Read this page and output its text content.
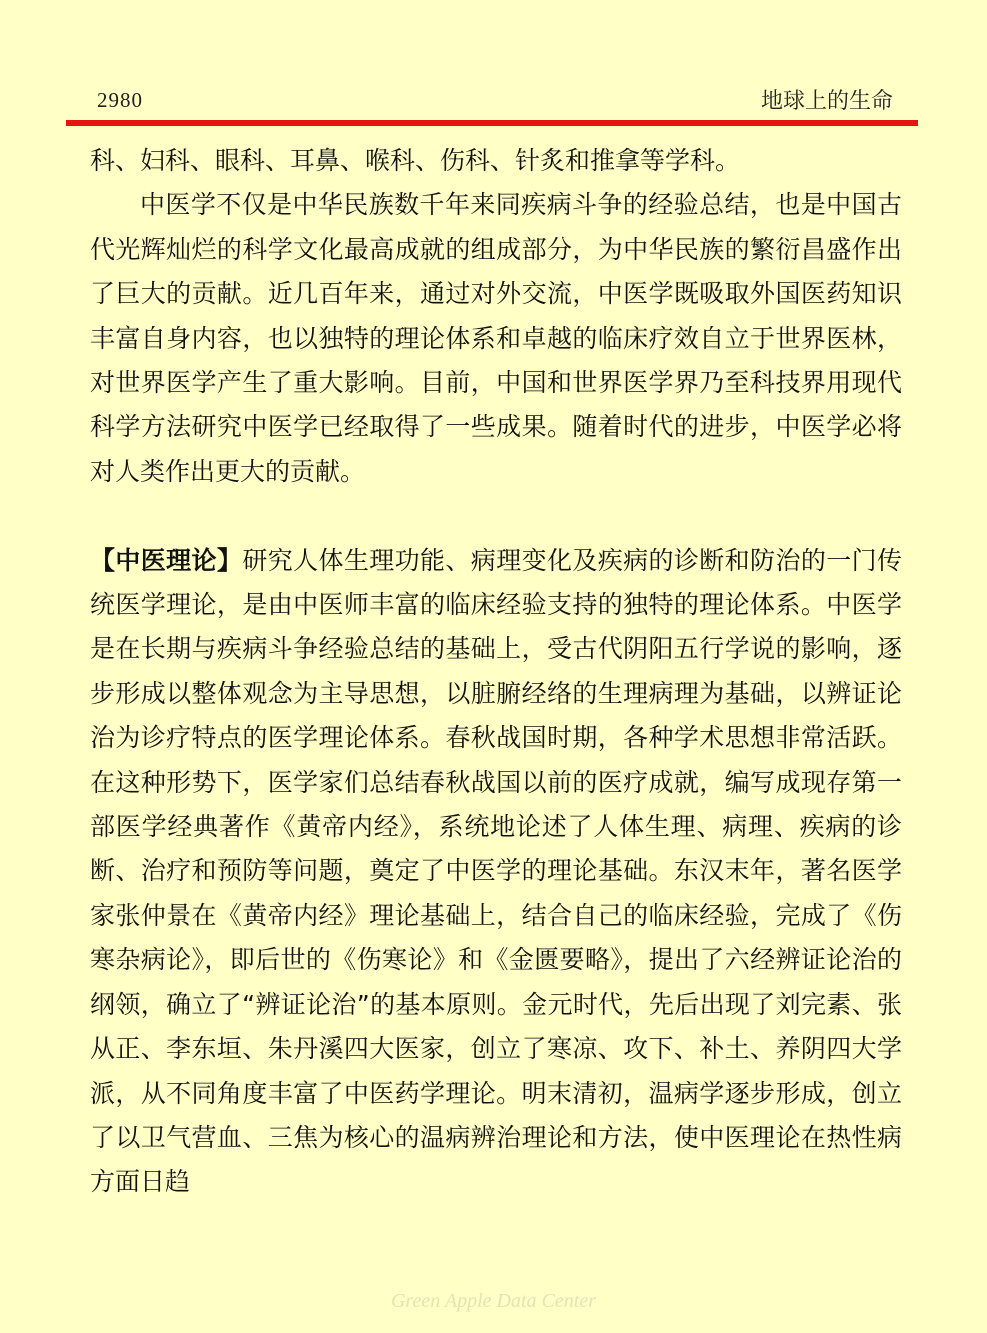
2980	地球上的生命

科、妇科、眼科、耳鼻、喉科、伤科、针炙和推拿等学科。

中医学不仅是中华民族数千年来同疾病斗争的经验总结，也是中国古代光辉灿烂的科学文化最高成就的组成部分，为中华民族的繁衍昌盛作出了巨大的贡献。近几百年来，通过对外交流，中医学既吸取外国医药知识丰富自身内容，也以独特的理论体系和卓越的临床疗效自立于世界医林，对世界医学产生了重大影响。目前，中国和世界医学界乃至科技界用现代科学方法研究中医学已经取得了一些成果。随着时代的进步，中医学必将对人类作出更大的贡献。

【中医理论】研究人体生理功能、病理变化及疾病的诊断和防治的一门传统医学理论，是由中医师丰富的临床经验支持的独特的理论体系。中医学是在长期与疾病斗争经验总结的基础上，受古代阴阳五行学说的影响，逐步形成以整体观念为主导思想，以脏腑经络的生理病理为基础，以辨证论治为诊疗特点的医学理论体系。春秋战国时期，各种学术思想非常活跃。在这种形势下，医学家们总结春秋战国以前的医疗成就，编写成现存第一部医学经典著作《黄帝内经》，系统地论述了人体生理、病理、疾病的诊断、治疗和预防等问题，奠定了中医学的理论基础。东汉末年，著名医学家张仲景在《黄帝内经》理论基础上，结合自己的临床经验，完成了《伤寒杂病论》，即后世的《伤寒论》和《金匮要略》，提出了六经辨证论治的纲领，确立了“辨证论治”的基本原则。金元时代，先后出现了刘完素、张从正、李东垣、朱丹溪四大医家，创立了寒凉、攻下、补土、养阴四大学派，从不同角度丰富了中医药学理论。明末清初，温病学逐步形成，创立了以卫气营血、三焦为核心的温病辨治理论和方法，使中医理论在热性病方面日趋

Green Apple Data Center
